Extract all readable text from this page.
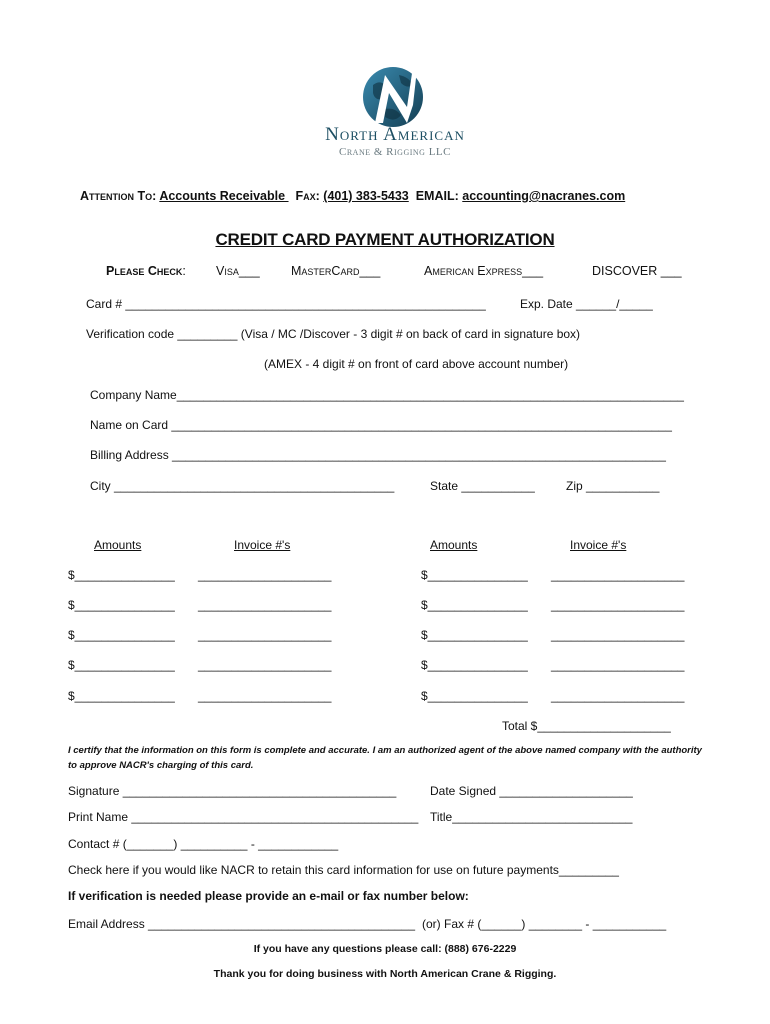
North American
Crane & Rigging LLC
Attention To: Accounts Receivable   Fax: (401) 383-5433 EMAIL: accounting@nacranes.com
CREDIT CARD PAYMENT AUTHORIZATION
Please Check: Visa___	MasterCard___	American Express___	DISCOVER ___
Card # ______________________________________________________	Exp. Date ______/_____
Verification code _________ (Visa / MC /Discover - 3 digit # on back of card in signature box)
(AMEX - 4 digit # on front of card above account number)
Company Name____________________________________________________________________________
Name on Card ___________________________________________________________________________
Billing Address __________________________________________________________________________
City __________________________________________	State ___________	Zip ___________
Amounts	Invoice #'s	Amounts	Invoice #'s
$_______________ ____________________	$_______________ ____________________
$_______________ ____________________	$_______________ ____________________
$_______________ ____________________	$_______________ ____________________
$_______________ ____________________	$_______________ ____________________
$_______________ ____________________	$_______________ ____________________
Total $____________________
I certify that the information on this form is complete and accurate. I am an authorized agent of the above named company with the authority to approve NACR's charging of this card.
Signature _________________________________________	Date Signed ____________________
Print Name ___________________________________________ Title___________________________
Contact # (_______) __________ - ____________
Check here if you would like NACR to retain this card information for use on future payments_________
If verification is needed please provide an e-mail or fax number below:
Email Address ________________________________________ (or) Fax # (______) ________ - ___________
If you have any questions please call: (888) 676-2229
Thank you for doing business with North American Crane & Rigging.
